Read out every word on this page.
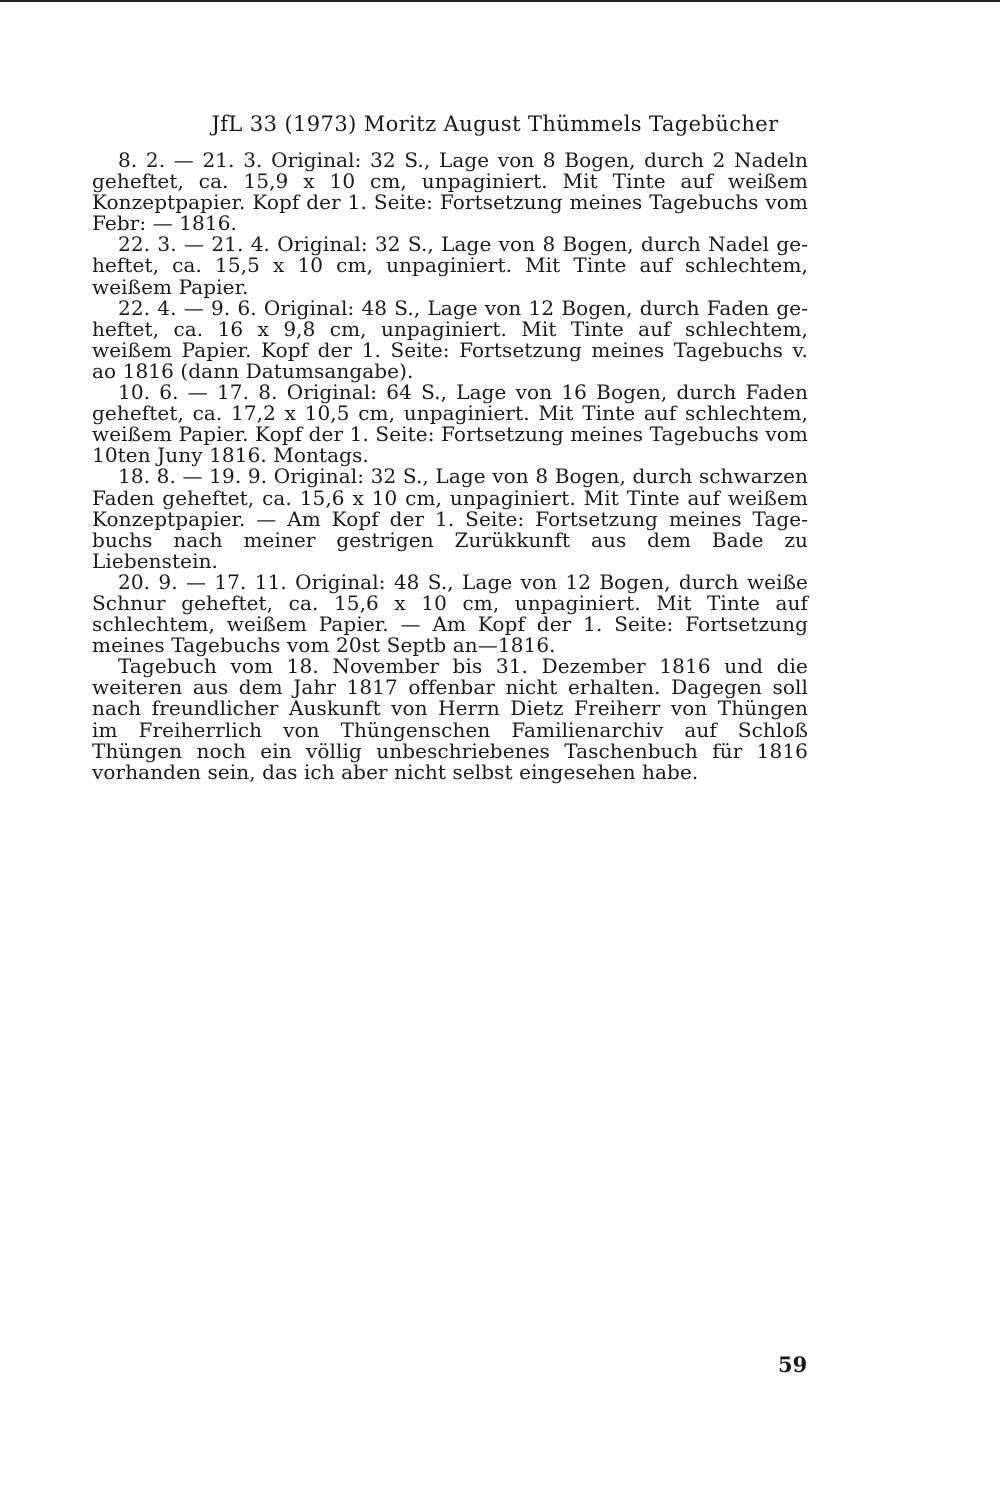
JfL 33 (1973) Moritz August Thümmels Tagebücher

8. 2. — 21. 3. Original: 32 S., Lage von 8 Bogen, durch 2 Nadeln geheftet, ca. 15,9 x 10 cm, unpaginiert. Mit Tinte auf weißem Konzeptpapier. Kopf der 1. Seite: Fortsetzung meines Tagebuchs vom Febr: — 1816.

22. 3. — 21. 4. Original: 32 S., Lage von 8 Bogen, durch Nadel geheftet, ca. 15,5 x 10 cm, unpaginiert. Mit Tinte auf schlechtem, weißem Papier.

22. 4. — 9. 6. Original: 48 S., Lage von 12 Bogen, durch Faden geheftet, ca. 16 x 9,8 cm, unpaginiert. Mit Tinte auf schlechtem, weißem Papier. Kopf der 1. Seite: Fortsetzung meines Tagebuchs v. ao 1816 (dann Datumsangabe).

10. 6. — 17. 8. Original: 64 S., Lage von 16 Bogen, durch Faden geheftet, ca. 17,2 x 10,5 cm, unpaginiert. Mit Tinte auf schlechtem, weißem Papier. Kopf der 1. Seite: Fortsetzung meines Tagebuchs vom 10ten Juny 1816. Montags.

18. 8. — 19. 9. Original: 32 S., Lage von 8 Bogen, durch schwarzen Faden geheftet, ca. 15,6 x 10 cm, unpaginiert. Mit Tinte auf weißem Konzeptpapier. — Am Kopf der 1. Seite: Fortsetzung meines Tagebuchs nach meiner gestrigen Zurükkunft aus dem Bade zu Liebenstein.

20. 9. — 17. 11. Original: 48 S., Lage von 12 Bogen, durch weiße Schnur geheftet, ca. 15,6 x 10 cm, unpaginiert. Mit Tinte auf schlechtem, weißem Papier. — Am Kopf der 1. Seite: Fortsetzung meines Tagebuchs vom 20st Septb an—1816.

Tagebuch vom 18. November bis 31. Dezember 1816 und die weiteren aus dem Jahr 1817 offenbar nicht erhalten. Dagegen soll nach freundlicher Auskunft von Herrn Dietz Freiherr von Thüngen im Freiherrlich von Thüngenschen Familienarchiv auf Schloß Thüngen noch ein völlig unbeschriebenes Taschenbuch für 1816 vorhanden sein, das ich aber nicht selbst eingesehen habe.

59
